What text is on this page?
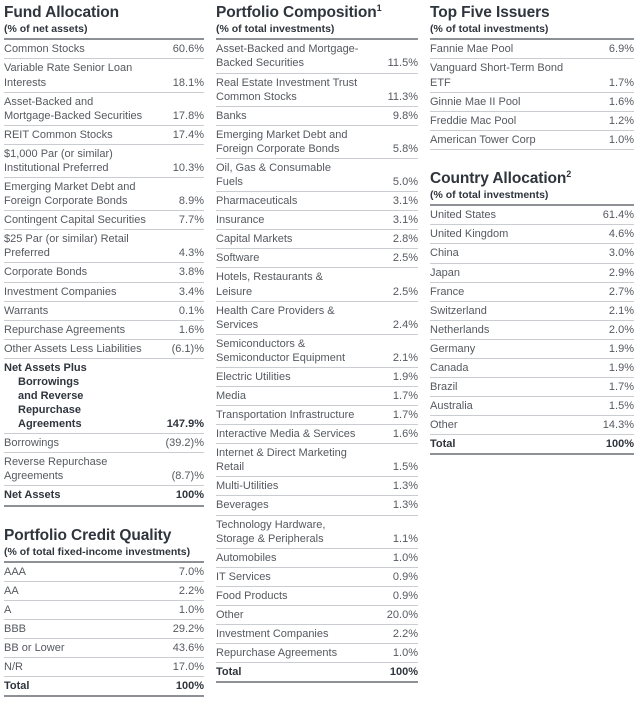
Fund Allocation
(% of net assets)
Common Stocks	60.6%
Variable Rate Senior Loan Interests	18.1%
Asset-Backed and Mortgage-Backed Securities	17.8%
REIT Common Stocks	17.4%
$1,000 Par (or similar) Institutional Preferred	10.3%
Emerging Market Debt and Foreign Corporate Bonds	8.9%
Contingent Capital Securities	7.7%
$25 Par (or similar) Retail Preferred	4.3%
Corporate Bonds	3.8%
Investment Companies	3.4%
Warrants	0.1%
Repurchase Agreements	1.6%
Other Assets Less Liabilities	(6.1)%

Net Assets Plus Borrowings
and Reverse Repurchase Agreements	147.9%
Borrowings	(39.2)%
Reverse Repurchase Agreements	(8.7)%
Net Assets	100%
Portfolio Credit Quality
(% of total fixed-income investments)
AAA	7.0%
AA	2.2%
A	1.0%
BBB	29.2%
BB or Lower	43.6%
N/R	17.0%
Total	100%
Portfolio Composition$^1$
(% of total investments)
Asset-Backed and Mortgage-Backed Securities	11.5%
Real Estate Investment Trust Common Stocks	11.3%
Banks	9.8%
Emerging Market Debt and Foreign Corporate Bonds	5.8%
Oil, Gas & Consumable Fuels	5.0%
Pharmaceuticals	3.1%
Insurance	3.1%
Capital Markets	2.8%
Software	2.5%
Hotels, Restaurants & Leisure	2.5%
Health Care Providers & Services	2.4%
Semiconductors & Semiconductor Equipment	2.1%
Electric Utilities	1.9%
Media	1.7%
Transportation Infrastructure	1.7%
Interactive Media & Services	1.6%
Internet & Direct Marketing Retail	1.5%
Multi-Utilities	1.3%
Beverages	1.3%
Technology Hardware, Storage & Peripherals	1.1%
Automobiles	1.0%
IT Services	0.9%
Food Products	0.9%
Other	20.0%
Investment Companies	2.2%
Repurchase Agreements	1.0%
Total	100%
Top Five Issuers
(% of total investments)
Fannie Mae Pool	6.9%
Vanguard Short-Term Bond ETF	1.7%
Ginnie Mae II Pool	1.6%
Freddie Mac Pool	1.2%
American Tower Corp	1.0%
Country Allocation$^2$
(% of total investments)
United States	61.4%
United Kingdom	4.6%
China	3.0%
Japan	2.9%
France	2.7%
Switzerland	2.1%
Netherlands	2.0%
Germany	1.9%
Canada	1.9%
Brazil	1.7%
Australia	1.5%
Other	14.3%
Total	100%
